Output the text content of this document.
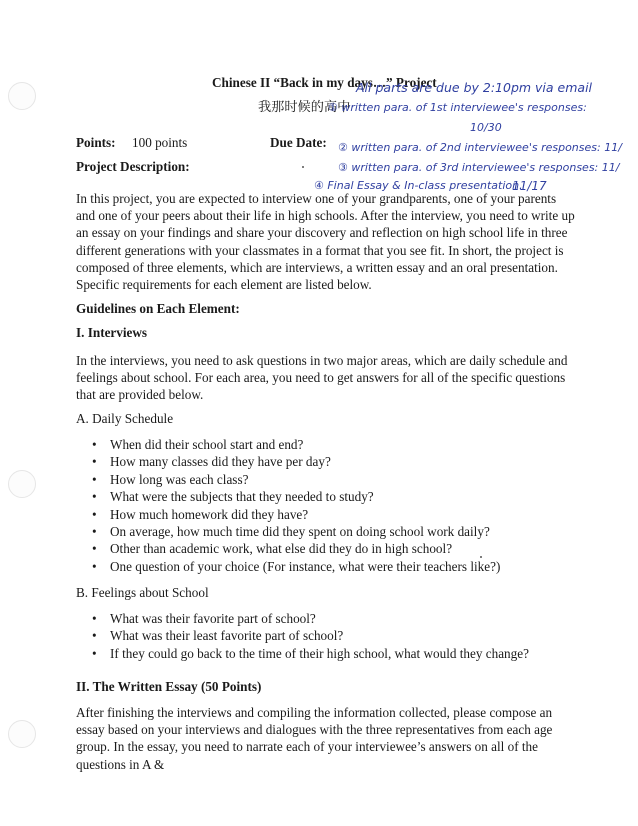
Chinese II “Back in my days…” Project
我那时候的高中
Points: 100 points	Due Date:
Project Description:
All parts are due by 2:10pm via email
① written para. of 1st interviewee's responses:
10/30
② written para. of 2nd interviewee's responses: 11/
③ written para. of 3rd interviewee's responses: 11/
④ Final Essay & In-class presentation.
11/17
In this project, you are expected to interview one of your grandparents, one of your parents and one of your peers about their life in high schools. After the interview, you need to write up an essay on your findings and share your discovery and reflection on high school life in three different generations with your classmates in a format that you see fit. In short, the project is composed of three elements, which are interviews, a written essay and an oral presentation. Specific requirements for each element are listed below.
Guidelines on Each Element:
I. Interviews
In the interviews, you need to ask questions in two major areas, which are daily schedule and feelings about school. For each area, you need to get answers for all of the specific questions that are provided below.
A. Daily Schedule
• When did their school start and end?
• How many classes did they have per day?
• How long was each class?
• What were the subjects that they needed to study?
• How much homework did they have?
• On average, how much time did they spent on doing school work daily?
• Other than academic work, what else did they do in high school?
• One question of your choice (For instance, what were their teachers like?)
B. Feelings about School
• What was their favorite part of school?
• What was their least favorite part of school?
• If they could go back to the time of their high school, what would they change?
II. The Written Essay (50 Points)
After finishing the interviews and compiling the information collected, please compose an essay based on your interviews and dialogues with the three representatives from each age group. In the essay, you need to narrate each of your interviewee’s answers on all of the questions in A &
